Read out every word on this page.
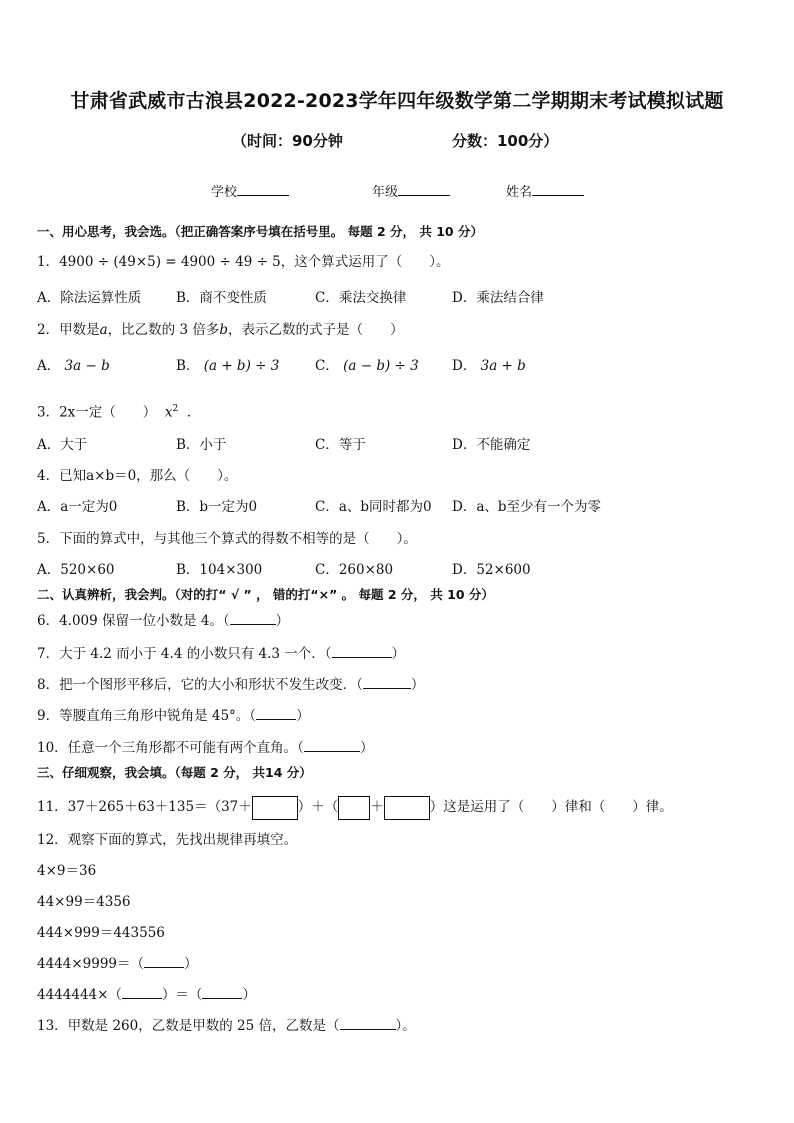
甘肃省武威市古浪县2022-2023学年四年级数学第二学期期末考试模拟试题
（时间：90分钟	分数：100分）
学校	年级	姓名
一、用心思考，我会选。（把正确答案序号填在括号里。 每题 2 分， 共 10 分）
1．4900 ÷ (49×5) = 4900 ÷ 49 ÷ 5，这个算式运用了（　　）。
A．除法运算性质	B．商不变性质	C．乘法交换律	D．乘法结合律
2．甲数是a，比乙数的 3 倍多b，表示乙数的式子是（　　）
A． 3a − b	B． (a + b) ÷ 3	C． (a − b) ÷ 3 D． 3a + b
3．2x一定（　　） $x^2$ ．
A．大于	B．小于	C．等于	D．不能确定
4．已知a×b＝0，那么（　　）。
A．a一定为0	B．b一定为0	C．a、b同时都为0 D．a、b至少有一个为零
5．下面的算式中，与其他三个算式的得数不相等的是（　　）。
A．520×60	B．104×300	C．260×80	D．52×600
二、认真辨析，我会判。（对的打“ √ ” ， 错的打“×” 。 每题 2 分， 共 10 分）
6．4.009 保留一位小数是 4。（	）
7．大于 4.2 而小于 4.4 的小数只有 4.3 一个．（	）
8．把一个图形平移后，它的大小和形状不发生改变．（	）
9．等腰直角三角形中锐角是 45°。（	）
10．任意一个三角形都不可能有两个直角。（	）
三、仔细观察，我会填。（每题 2 分， 共14 分）
11．37＋265＋63＋135＝（37＋	）＋（ ＋	）这是运用了（　　）律和（　　）律。
12．观察下面的算式，先找出规律再填空。
4×9＝36
44×99＝4356
444×999＝443556
4444×9999＝（	）
4444444×（	）＝（	）
13．甲数是 260，乙数是甲数的 25 倍，乙数是（	）。
